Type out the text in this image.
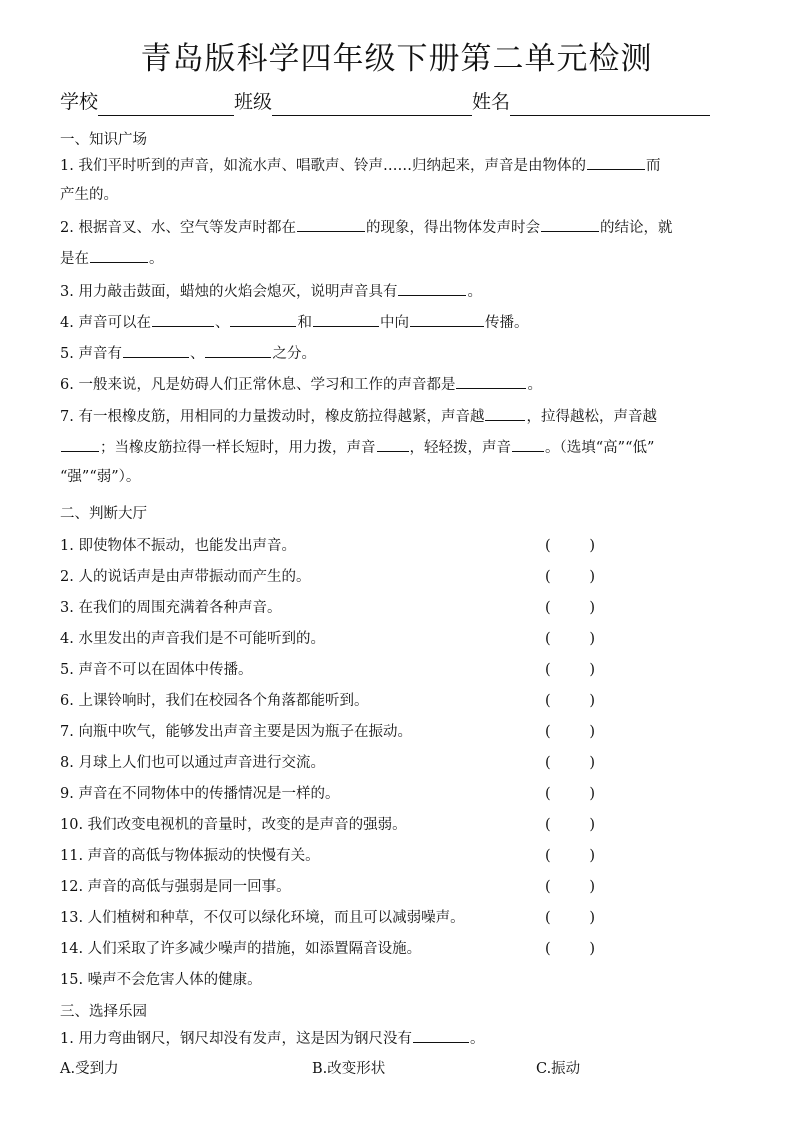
青岛版科学四年级下册第二单元检测
学校	班级	姓名
一、知识广场
1. 我们平时听到的声音，如流水声、唱歌声、铃声……归纳起来，声音是由物体的	而
产生的。
2. 根据音叉、水、空气等发声时都在	的现象，得出物体发声时会	的结论，就
是在	。
3. 用力敲击鼓面，蜡烛的火焰会熄灭，说明声音具有	。
4. 声音可以在	、	和	中向	传播。
5. 声音有	、	之分。
6. 一般来说，凡是妨碍人们正常休息、学习和工作的声音都是	。
7. 有一根橡皮筋，用相同的力量拨动时，橡皮筋拉得越紧，声音越	，拉得越松，声音越
；当橡皮筋拉得一样长短时，用力拨，声音 ，轻轻拨，声音 。（选填“高”“低”
“强”“弱”）。
二、判断大厅
1. 即使物体不振动，也能发出声音。	(	)
2. 人的说话声是由声带振动而产生的。	(	)
3. 在我们的周围充满着各种声音。	(	)
4. 水里发出的声音我们是不可能听到的。	(	)
5. 声音不可以在固体中传播。	(	)
6. 上课铃响时，我们在校园各个角落都能听到。	(	)
7. 向瓶中吹气，能够发出声音主要是因为瓶子在振动。	(	)
8. 月球上人们也可以通过声音进行交流。	(	)
9. 声音在不同物体中的传播情况是一样的。	(	)
10. 我们改变电视机的音量时，改变的是声音的强弱。	(	)
11. 声音的高低与物体振动的快慢有关。	(	)
12. 声音的高低与强弱是同一回事。	(	)
13. 人们植树和种草，不仅可以绿化环境，而且可以减弱噪声。	(	)
14. 人们采取了许多减少噪声的措施，如添置隔音设施。	(	)
15. 噪声不会危害人体的健康。
三、选择乐园
1. 用力弯曲钢尺，钢尺却没有发声，这是因为钢尺没有	。
A.受到力	B.改变形状	C.振动
